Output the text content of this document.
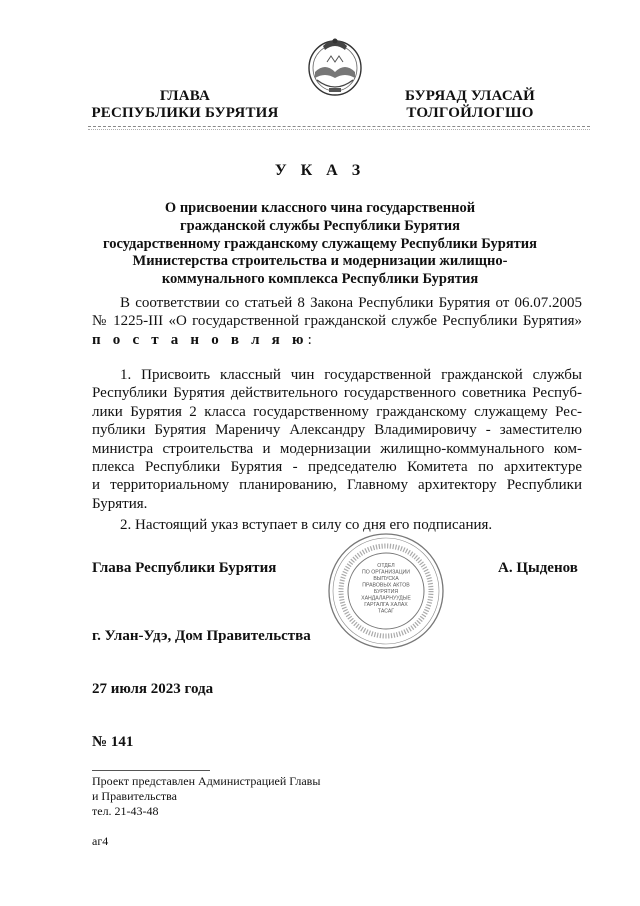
ГЛАВА
РЕСПУБЛИКИ БУРЯТИЯ
БУРЯАД УЛАСАЙ
ТОЛГОЙЛОГШО
У К А З
О присвоении классного чина государственной
гражданской службы Республики Бурятия
государственному гражданскому служащему Республики Бурятия
Министерства строительства и модернизации жилищно-
коммунального комплекса Республики Бурятия
В соответствии со статьей 8 Закона Республики Бурятия от 06.07.2005
№ 1225-III «О государственной гражданской службе Республики Бурятия»
п о с т а н о в л я ю:
1. Присвоить классный чин государственной гражданской службы
Республики Бурятия действительного государственного советника Респуб-
лики Бурятия 2 класса государственному гражданскому служащему Рес-
публики Бурятия Мареничу Александру Владимировичу - заместителю
министра строительства и модернизации жилищно-коммунального ком-
плекса Республики Бурятия - председателю Комитета по архитектуре
и территориальному планированию, Главному архитектору Республики
Бурятия.
2. Настоящий указ вступает в силу со дня его подписания.
Глава Республики Бурятия	ОТДЕЛ
ПО ОРГАНИЗАЦИИ
ВЫПУСКА
ПРАВОВЫХ АКТОВ
БУРЯТИЯ
ХАНДАЛАРНУУДЫЕ
ГАРГАЛГА ХАЛАХ
ТАСАГ
А. Цыденов
г. Улан-Удэ, Дом Правительства
27 июля 2023 года
№ 141
Проект представлен Администрацией Главы
и Правительства
тел. 21-43-48
аг4
